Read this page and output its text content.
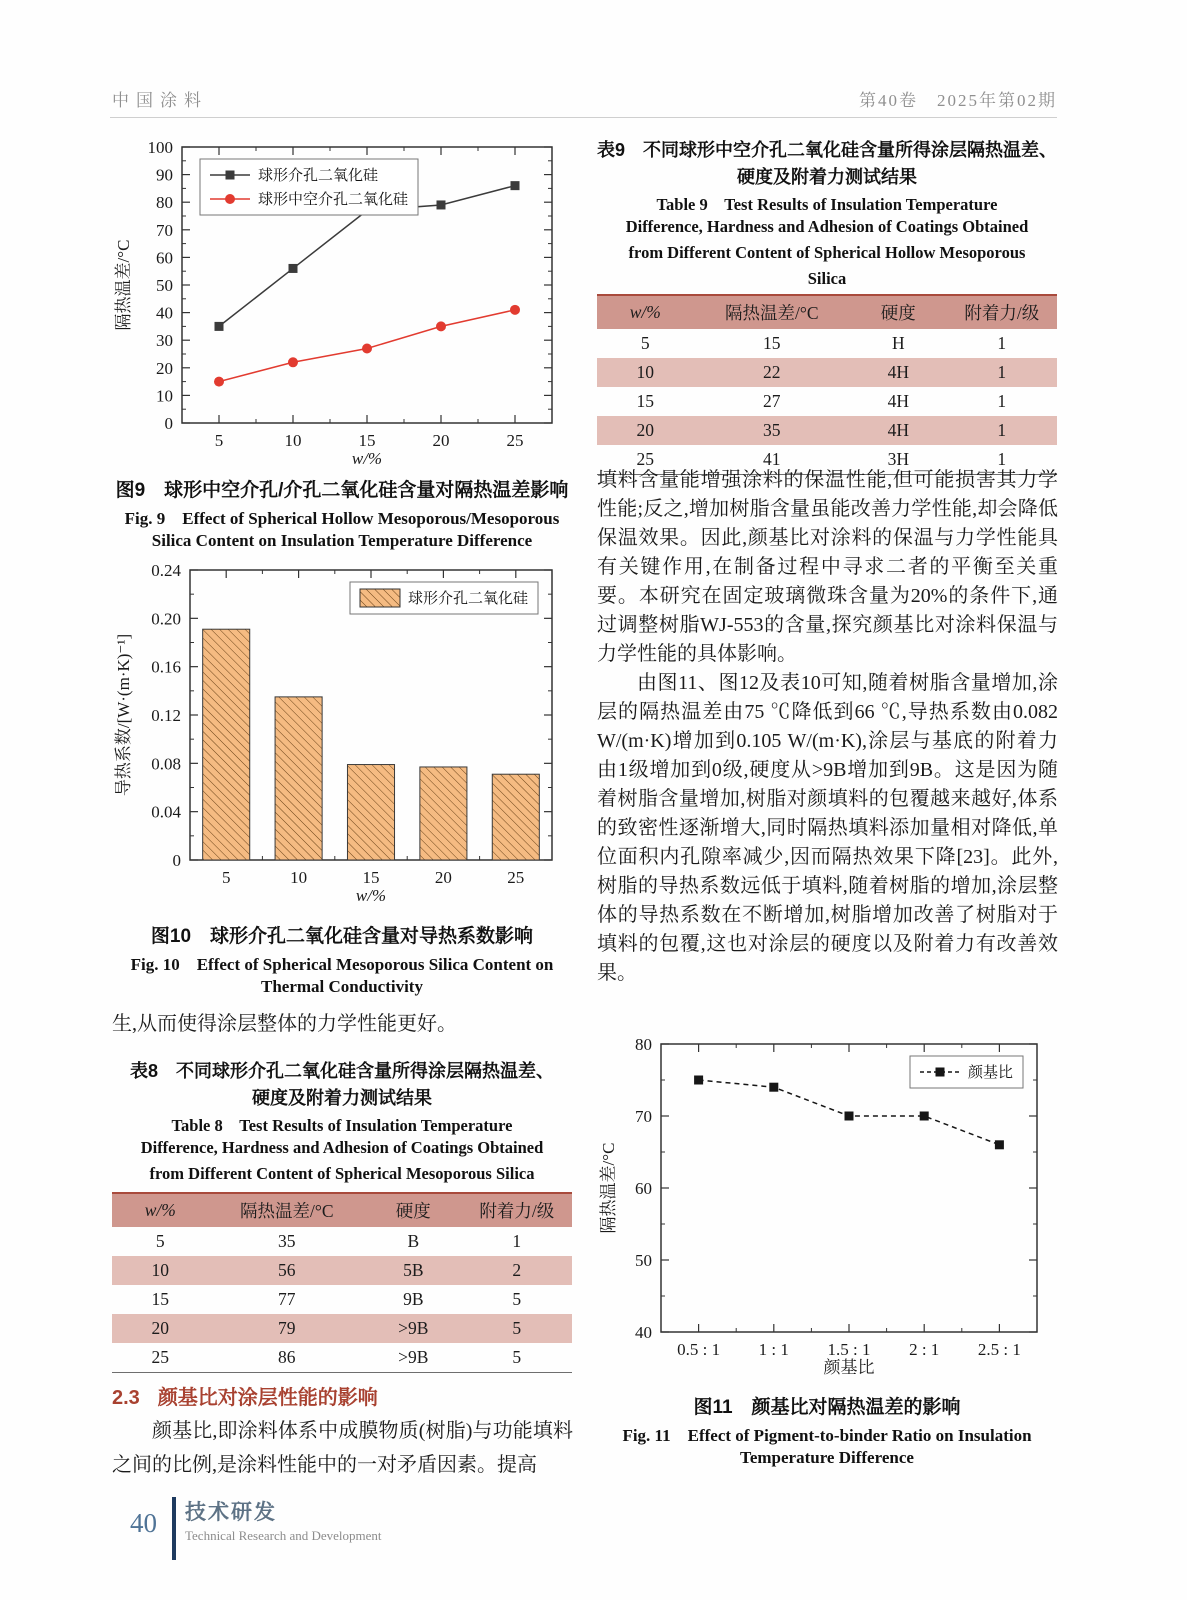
中国涂料	第40卷　2025年第02期
0
10
20
30
40
50
60
70
80
90
100
5	10	15	20	25
隔热温差/°C
w/%
球形介孔二氧化硅
球形中空介孔二氧化硅
图9　球形中空介孔/介孔二氧化硅含量对隔热温差影响
Fig. 9　Effect of Spherical Hollow Mesoporous/Mesoporous
Silica Content on Insulation Temperature Difference
0
0.04
0.08
0.12
0.16
0.20
0.24
5	10	15	20	25
导热系数/[W·(m·K)⁻¹]
w/%
球形介孔二氧化硅
图10　球形介孔二氧化硅含量对导热系数影响
Fig. 10　Effect of Spherical Mesoporous Silica Content on
Thermal Conductivity
生,从而使得涂层整体的力学性能更好。
表8　不同球形介孔二氧化硅含量所得涂层隔热温差、
硬度及附着力测试结果
Table 8　Test Results of Insulation Temperature
Difference, Hardness and Adhesion of Coatings Obtained
from Different Content of Spherical Mesoporous Silica
w/%	隔热温差/°C	硬度	附着力/级
5	35	B	1
10	56	5B	2
15	77	9B	5
20	79	>9B	5
25	86	>9B	5
2.3 颜基比对涂层性能的影响

颜基比,即涂料体系中成膜物质(树脂)与功能填料之间的比例,是涂料性能中的一对矛盾因素。提高

40 技术研发
Technical Research and Development
表9　不同球形中空介孔二氧化硅含量所得涂层隔热温差、
硬度及附着力测试结果
Table 9　Test Results of Insulation Temperature
Difference, Hardness and Adhesion of Coatings Obtained
from Different Content of Spherical Hollow Mesoporous
Silica
w/%	隔热温差/°C	硬度	附着力/级
5	15	H	1
10	22	4H	1
15	27	4H	1
20	35	4H	1
25	41	3H	1

填料含量能增强涂料的保温性能,但可能损害其力学性能;反之,增加树脂含量虽能改善力学性能,却会降低保温效果。因此,颜基比对涂料的保温与力学性能具有关键作用,在制备过程中寻求二者的平衡至关重要。本研究在固定玻璃微珠含量为20%的条件下,通过调整树脂WJ-553的含量,探究颜基比对涂料保温与力学性能的具体影响。

由图11、图12及表10可知,随着树脂含量增加,涂层的隔热温差由75 ℃降低到66 ℃,导热系数由0.082 W/(m·K)增加到0.105 W/(m·K),涂层与基底的附着力由1级增加到0级,硬度从>9B增加到9B。这是因为随着树脂含量增加,树脂对颜填料的包覆越来越好,体系的致密性逐渐增大,同时隔热填料添加量相对降低,单位面积内孔隙率减少,因而隔热效果下降[23]。此外,树脂的导热系数远低于填料,随着树脂的增加,涂层整体的导热系数在不断增加,树脂增加改善了树脂对于填料的包覆,这也对涂层的硬度以及附着力有改善效果。

40
50
60
70
80
0.5 : 1 1 : 1 1.5 : 1 2 : 1 2.5 : 1
隔热温差/°C
颜基比
颜基比
图11　颜基比对隔热温差的影响
Fig. 11　Effect of Pigment-to-binder Ratio on Insulation
Temperature Difference
